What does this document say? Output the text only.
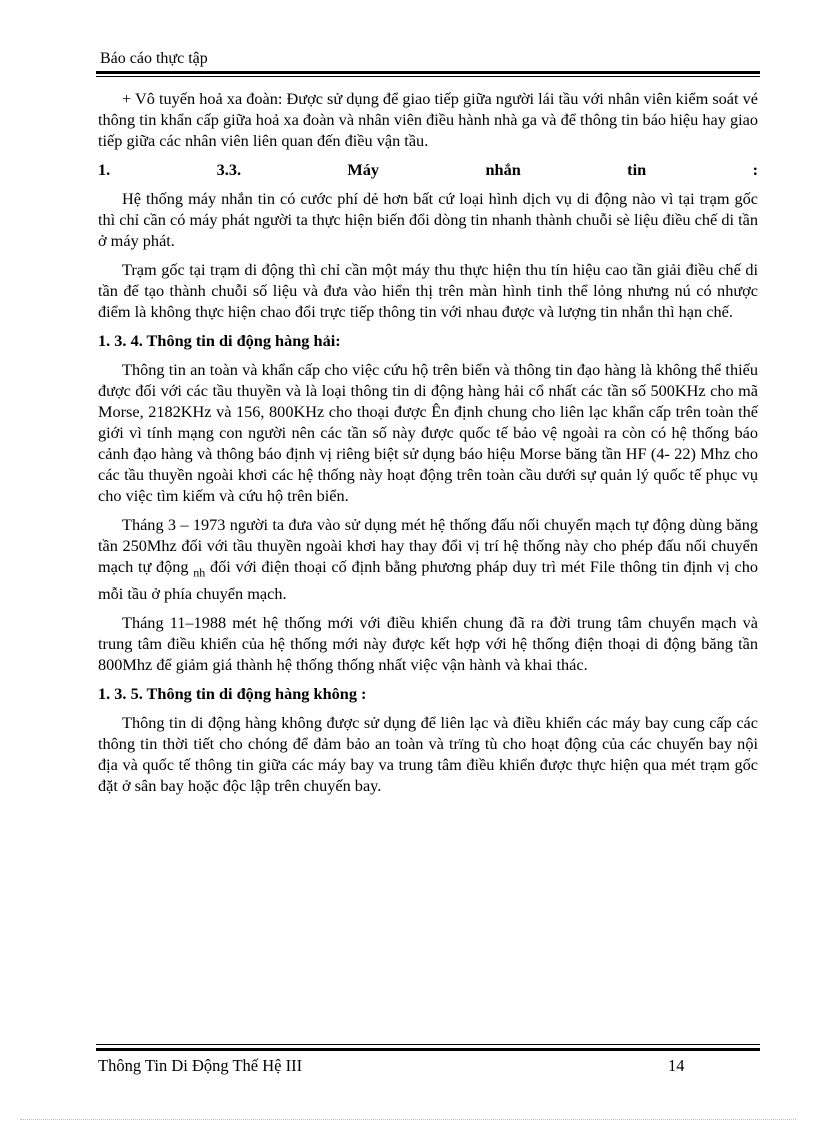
Báo cáo thực tập

+ Vô tuyến hoả xa đoàn: Được sử dụng để giao tiếp giữa người lái tầu với nhân viên kiểm soát vé thông tin khẩn cấp giữa hoả xa đoàn và nhân viên điều hành nhà ga và để thông tin báo hiệu hay giao tiếp giữa các nhân viên liên quan đến điều vận tầu.

1.	3.3.	Máy	nhắn	tin	:

Hệ thống máy nhắn tin có cước phí dẻ hơn bất cứ loại hình dịch vụ di động nào vì tại trạm gốc thì chỉ cần có máy phát người ta thực hiện biến đổi dòng tin nhanh thành chuỗi sè liệu điều chế di tần ở máy phát.

Trạm gốc tại trạm di động thì chỉ cần một máy thu thực hiện thu tín hiệu cao tần giải điều chế di tần để tạo thành chuỗi số liệu và đưa vào hiển thị trên màn hình tinh thể lỏng nhưng nú có nhược điểm là không thực hiện chao đổi trực tiếp thông tin với nhau được và lượng tin nhắn thì hạn chế.

1. 3. 4. Thông tin di động hàng hải:

Thông tin an toàn và khẩn cấp cho việc cứu hộ trên biển và thông tin đạo hàng là không thể thiếu được đối với các tầu thuyền và là loại thông tin di động hàng hải cổ nhất các tần số 500KHz cho mã Morse, 2182KHz và 156, 800KHz cho thoại được Ên định chung cho liên lạc khẩn cấp trên toàn thế giới vì tính mạng con người nên các tần số này được quốc tế bảo vệ ngoài ra còn có hệ thống báo cảnh đạo hàng và thông báo định vị riêng biệt sử dụng báo hiệu Morse băng tần HF (4- 22) Mhz cho các tầu thuyền ngoài khơi các hệ thống này hoạt động trên toàn cầu dưới sự quản lý quốc tế phục vụ cho việc tìm kiếm và cứu hộ trên biển.

Tháng 3 – 1973 người ta đưa vào sử dụng mét hệ thống đấu nối chuyển mạch tự động dùng băng tần 250Mhz đối với tầu thuyền ngoài khơi hay thay đổi vị trí hệ thống này cho phép đấu nối chuyển mạch tự động $_{nh}$ đối với điện thoại cố định bằng phương pháp duy trì mét File thông tin định vị cho mỗi tầu ở phía chuyển mạch.

Tháng 11–1988 mét hệ thống mới với điều khiển chung đã ra đời trung tâm chuyển mạch và trung tâm điều khiển của hệ thống mới này được kết hợp với hệ thống điện thoại di động băng tần 800Mhz để giảm giá thành hệ thống thống nhất việc vận hành và khai thác.

1. 3. 5. Thông tin di động hàng không :

Thông tin di động hàng không được sử dụng để liên lạc và điều khiển các máy bay cung cấp các thông tin thời tiết cho chóng để đảm bảo an toàn và trïng tù cho hoạt động của các chuyến bay nội địa và quốc tế thông tin giữa các máy bay va trung tâm điều khiển được thực hiện qua mét trạm gốc đặt ở sân bay hoặc độc lập trên chuyến bay.

Thông Tin Di Động Thế Hệ III	14
